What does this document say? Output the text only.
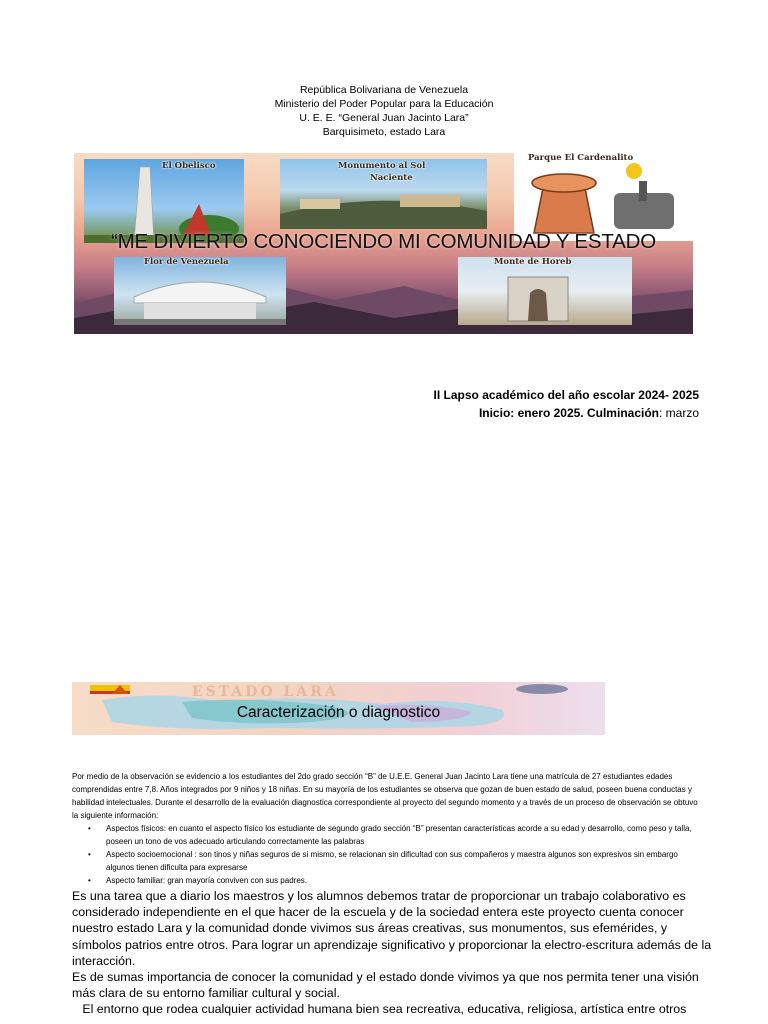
República Bolivariana de Venezuela
Ministerio del Poder Popular para la Educación
U. E. E. “General Juan Jacinto Lara”
Barquisimeto, estado Lara
El Obelisco	Monumento al Sol
Naciente
Parque El Cardenalito
“ME DIVIERTO CONOCIENDO MI COMUNIDAD Y ESTADO
Flor de Venezuela	Monte de Horeb
II Lapso académico del año escolar 2024- 2025
Inicio: enero 2025. Culminación: marzo
ESTADO LARA
Caracterización o diagnostico
Por medio de la observación se evidencio a los estudiantes del 2do grado sección “B” de U.E.E. General Juan Jacinto Lara tiene una matrícula de 27 estudiantes edades comprendidas entre 7,8. Años integrados por 9 niños y 18 niñas. En su mayoría de los estudiantes se observa que gozan de buen estado de salud, poseen buena conductas y habilidad intelectuales. Durante el desarrollo de la evaluación diagnostica correspondiente al proyecto del segundo momento y a través de un proceso de observación se obtuvo la siguiente información:
• Aspectos físicos: en cuanto el aspecto físico los estudiante de segundo grado sección “B” presentan características acorde a su edad y desarrollo, como peso y talla, poseen un tono de vos adecuado articulando correctamente las palabras
• Aspecto socioemocional : son tinos y niñas seguros de si mismo, se relacionan sin dificultad con sus compañeros y maestra algunos son expresivos sin embargo algunos tienen dificulta para expresarse
• Aspecto familiar: gran mayoría conviven con sus padres.

Es una tarea que a diario los maestros y los alumnos debemos tratar de proporcionar un trabajo colaborativo es considerado independiente en el que hacer de la escuela y de la sociedad entera este proyecto cuenta conocer nuestro estado Lara y la comunidad donde vivimos sus áreas creativas, sus monumentos, sus efemérides, y símbolos patrios entre otros. Para lograr un aprendizaje significativo y proporcionar la electro-escritura además de la interacción.

Es de sumas importancia de conocer la comunidad y el estado donde vivimos ya que nos permita tener una visión más clara de su entorno familiar cultural y social.

El entorno que rodea cualquier actividad humana bien sea recreativa, educativa, religiosa, artística entre otros
